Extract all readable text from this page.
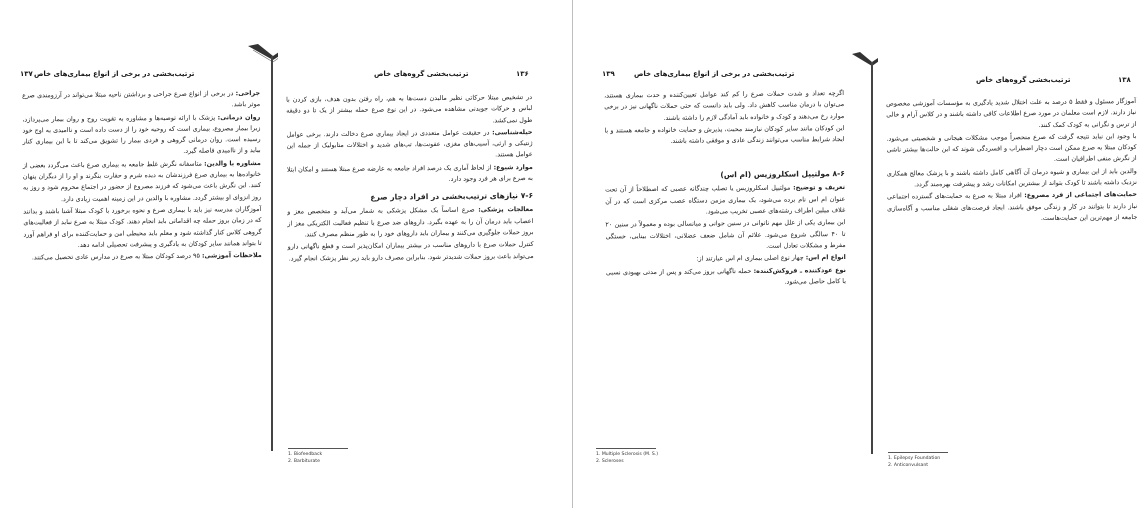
۱۳۷ ترتیب‌بخشی در برخی از انواع بیماری‌های خاص

جراحی: در برخی از انواع صرع جراحی و برداشتن ناحیه مبتلا می‌تواند در آرزومندی صرع موثر باشد.

روان درمانی: پزشک با ارائه توصیه‌ها و مشاوره به تقویت روح و روان بیمار می‌پردازد، زیرا بیمار مصروع، بیماری است که روحیه خود را از دست داده است و ناامیدی به اوج خود رسیده است. روان درمانی گروهی و فردی بیمار را تشویق می‌کند تا با این بیماری کنار بیاید و از ناامیدی فاصله گیرد.

مشاوره با والدین: متاسفانه نگرش غلط جامعه به بیماری صرع باعث می‌گردد بعضی از خانواده‌ها به بیماری صرع فرزندشان به دیده شرم و حقارت بنگرند و او را از دیگران پنهان کنند. این نگرش باعث می‌شود که فرزند مصروع از حضور در اجتماع محروم شود و روز به روز انزوای او بیشتر گردد. مشاوره با والدین در این زمینه اهمیت زیادی دارد.

آموزگاران مدرسه نیز باید با بیماری صرع و نحوه برخورد با کودک مبتلا آشنا باشند و بدانند که در زمان بروز حمله چه اقداماتی باید انجام دهند. کودک مبتلا به صرع نباید از فعالیت‌های گروهی کلاس کنار گذاشته شود و معلم باید محیطی امن و حمایت‌کننده برای او فراهم آورد تا بتواند همانند سایر کودکان به یادگیری و پیشرفت تحصیلی ادامه دهد.

ملاحظات آموزشی: ۹۵ درصد کودکان مبتلا به صرع در مدارس عادی تحصیل می‌کنند.

ترتیب‌بخشی گروه‌های خاص	۱۳۶

در تشخیص مبتلا حرکاتی نظیر مالیدن دست‌ها به هم، راه رفتن بدون هدف، بازی کردن با لباس و حرکات جویدنی مشاهده می‌شود. در این نوع صرع حمله بیشتر از یک تا دو دقیقه طول نمی‌کشد.

حیله‌شناسی: در حقیقت عوامل متعددی در ایجاد بیماری صرع دخالت دارند. برخی عوامل ژنتیکی و ارثی، آسیب‌های مغزی، عفونت‌ها، تب‌های شدید و اختلالات متابولیک از جمله این عوامل هستند.

موارد شیوع: از لحاظ آماری یک درصد افراد جامعه به عارضه صرع مبتلا هستند و امکان ابتلا به صرع برای هر فرد وجود دارد.

۷-۶ نیازهای ترتیب‌بخشی در افراد دچار صرع

معالجات پزشکی: صرع اساساً یک مشکل پزشکی به شمار می‌آید و متخصص مغز و اعصاب باید درمان آن را به عهده بگیرد. داروهای ضد صرع با تنظیم فعالیت الکتریکی مغز از بروز حملات جلوگیری می‌کنند و بیماران باید داروهای خود را به طور منظم مصرف کنند.

کنترل حملات صرع با داروهای مناسب در بیشتر بیماران امکان‌پذیر است و قطع ناگهانی دارو می‌تواند باعث بروز حملات شدیدتر شود. بنابراین مصرف دارو باید زیر نظر پزشک انجام گیرد.

1. Biofeedback
2. Barbiturate
۱۳۹	ترتیب‌بخشی در برخی از انواع بیماری‌های خاص

اگرچه تعداد و شدت حملات صرع را کم کند عوامل تعیین‌کننده و حدت بیماری هستند، می‌توان با درمان مناسب کاهش داد. ولی باید دانست که حتی حملات ناگهانی نیز در برخی موارد رخ می‌دهند و کودک و خانواده باید آمادگی لازم را داشته باشند.

این کودکان مانند سایر کودکان نیازمند محبت، پذیرش و حمایت خانواده و جامعه هستند و با ایجاد شرایط مناسب می‌توانند زندگی عادی و موفقی داشته باشند.

۸-۶ مولتیپل اسکلروزیس (ام اس)

تعریف و توضیح: مولتیپل اسکلروزیس یا تصلب چندگانه عصبی که اصطلاحاً از آن تحت عنوان ام اس نام برده می‌شود، یک بیماری مزمن دستگاه عصب مرکزی است که در آن غلاف میلین اطراف رشته‌های عصبی تخریب می‌شود.

این بیماری یکی از علل مهم ناتوانی در سنین جوانی و میانسالی بوده و معمولاً در سنین ۲۰ تا ۴۰ سالگی شروع می‌شود. علائم آن شامل ضعف عضلانی، اختلالات بینایی، خستگی مفرط و مشکلات تعادل است.

انواع ام اس: چهار نوع اصلی بیماری ام اس عبارتند از:

نوع عودکننده ـ فروکش‌کننده: حمله ناگهانی بروز می‌کند و پس از مدتی بهبودی نسبی یا کامل حاصل می‌شود.

1. Multiple Sclerosis (M. S.)
2. Scleroses
ترتیب‌بخشی گروه‌های خاص	۱۳۸

آموزگار مسئول و فقط ۵ درصد به علت اختلال شدید یادگیری به مؤسسات آموزشی مخصوص نیاز دارند. لازم است معلمان در مورد صرع اطلاعات کافی داشته باشند و در کلاس آرام و خالی از ترس و نگرانی به کودک کمک کنند.

با وجود این نباید نتیجه گرفت که صرع منحصراً موجب مشکلات هیجانی و شخصیتی می‌شود. کودکان مبتلا به صرع ممکن است دچار اضطراب و افسردگی شوند که این حالت‌ها بیشتر ناشی از نگرش منفی اطرافیان است.

والدین باید از این بیماری و شیوه درمان آن آگاهی کامل داشته باشند و با پزشک معالج همکاری نزدیک داشته باشند تا کودک بتواند از بیشترین امکانات رشد و پیشرفت بهره‌مند گردد.

حمایت‌های اجتماعی از فرد مصروع: افراد مبتلا به صرع به حمایت‌های گسترده اجتماعی نیاز دارند تا بتوانند در کار و زندگی موفق باشند. ایجاد فرصت‌های شغلی مناسب و آگاه‌سازی جامعه از مهم‌ترین این حمایت‌هاست.

1. Epilepsy Foundation
2. Anticonvulsant
